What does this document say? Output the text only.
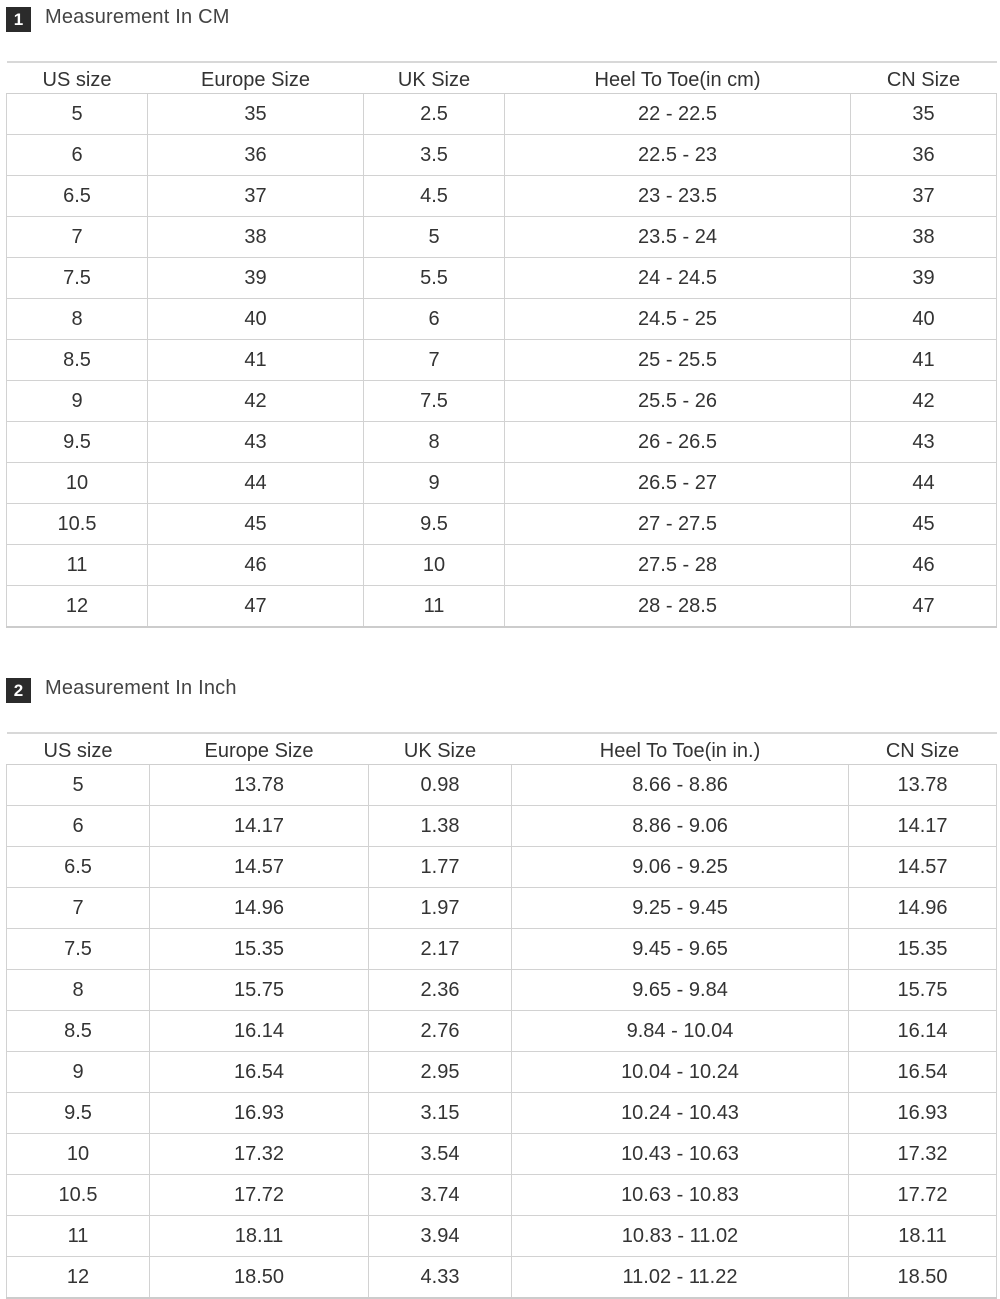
1	Measurement In CM
US size	Europe Size	UK Size	Heel To Toe(in cm)	CN Size
5	35	2.5	22 - 22.5	35
6	36	3.5	22.5 - 23	36
6.5	37	4.5	23 - 23.5	37
7	38	5	23.5 - 24	38
7.5	39	5.5	24 - 24.5	39
8	40	6	24.5 - 25	40
8.5	41	7	25 - 25.5	41
9	42	7.5	25.5 - 26	42
9.5	43	8	26 - 26.5	43
10	44	9	26.5 - 27	44
10.5	45	9.5	27 - 27.5	45
11	46	10	27.5 - 28	46
12	47	11	28 - 28.5	47
2	Measurement In Inch
US size	Europe Size	UK Size	Heel To Toe(in in.)	CN Size
5	13.78	0.98	8.66 - 8.86	13.78
6	14.17	1.38	8.86 - 9.06	14.17
6.5	14.57	1.77	9.06 - 9.25	14.57
7	14.96	1.97	9.25 - 9.45	14.96
7.5	15.35	2.17	9.45 - 9.65	15.35
8	15.75	2.36	9.65 - 9.84	15.75
8.5	16.14	2.76	9.84 - 10.04	16.14
9	16.54	2.95	10.04 - 10.24	16.54
9.5	16.93	3.15	10.24 - 10.43	16.93
10	17.32	3.54	10.43 - 10.63	17.32
10.5	17.72	3.74	10.63 - 10.83	17.72
11	18.11	3.94	10.83 - 11.02	18.11
12	18.50	4.33	11.02 - 11.22	18.50
